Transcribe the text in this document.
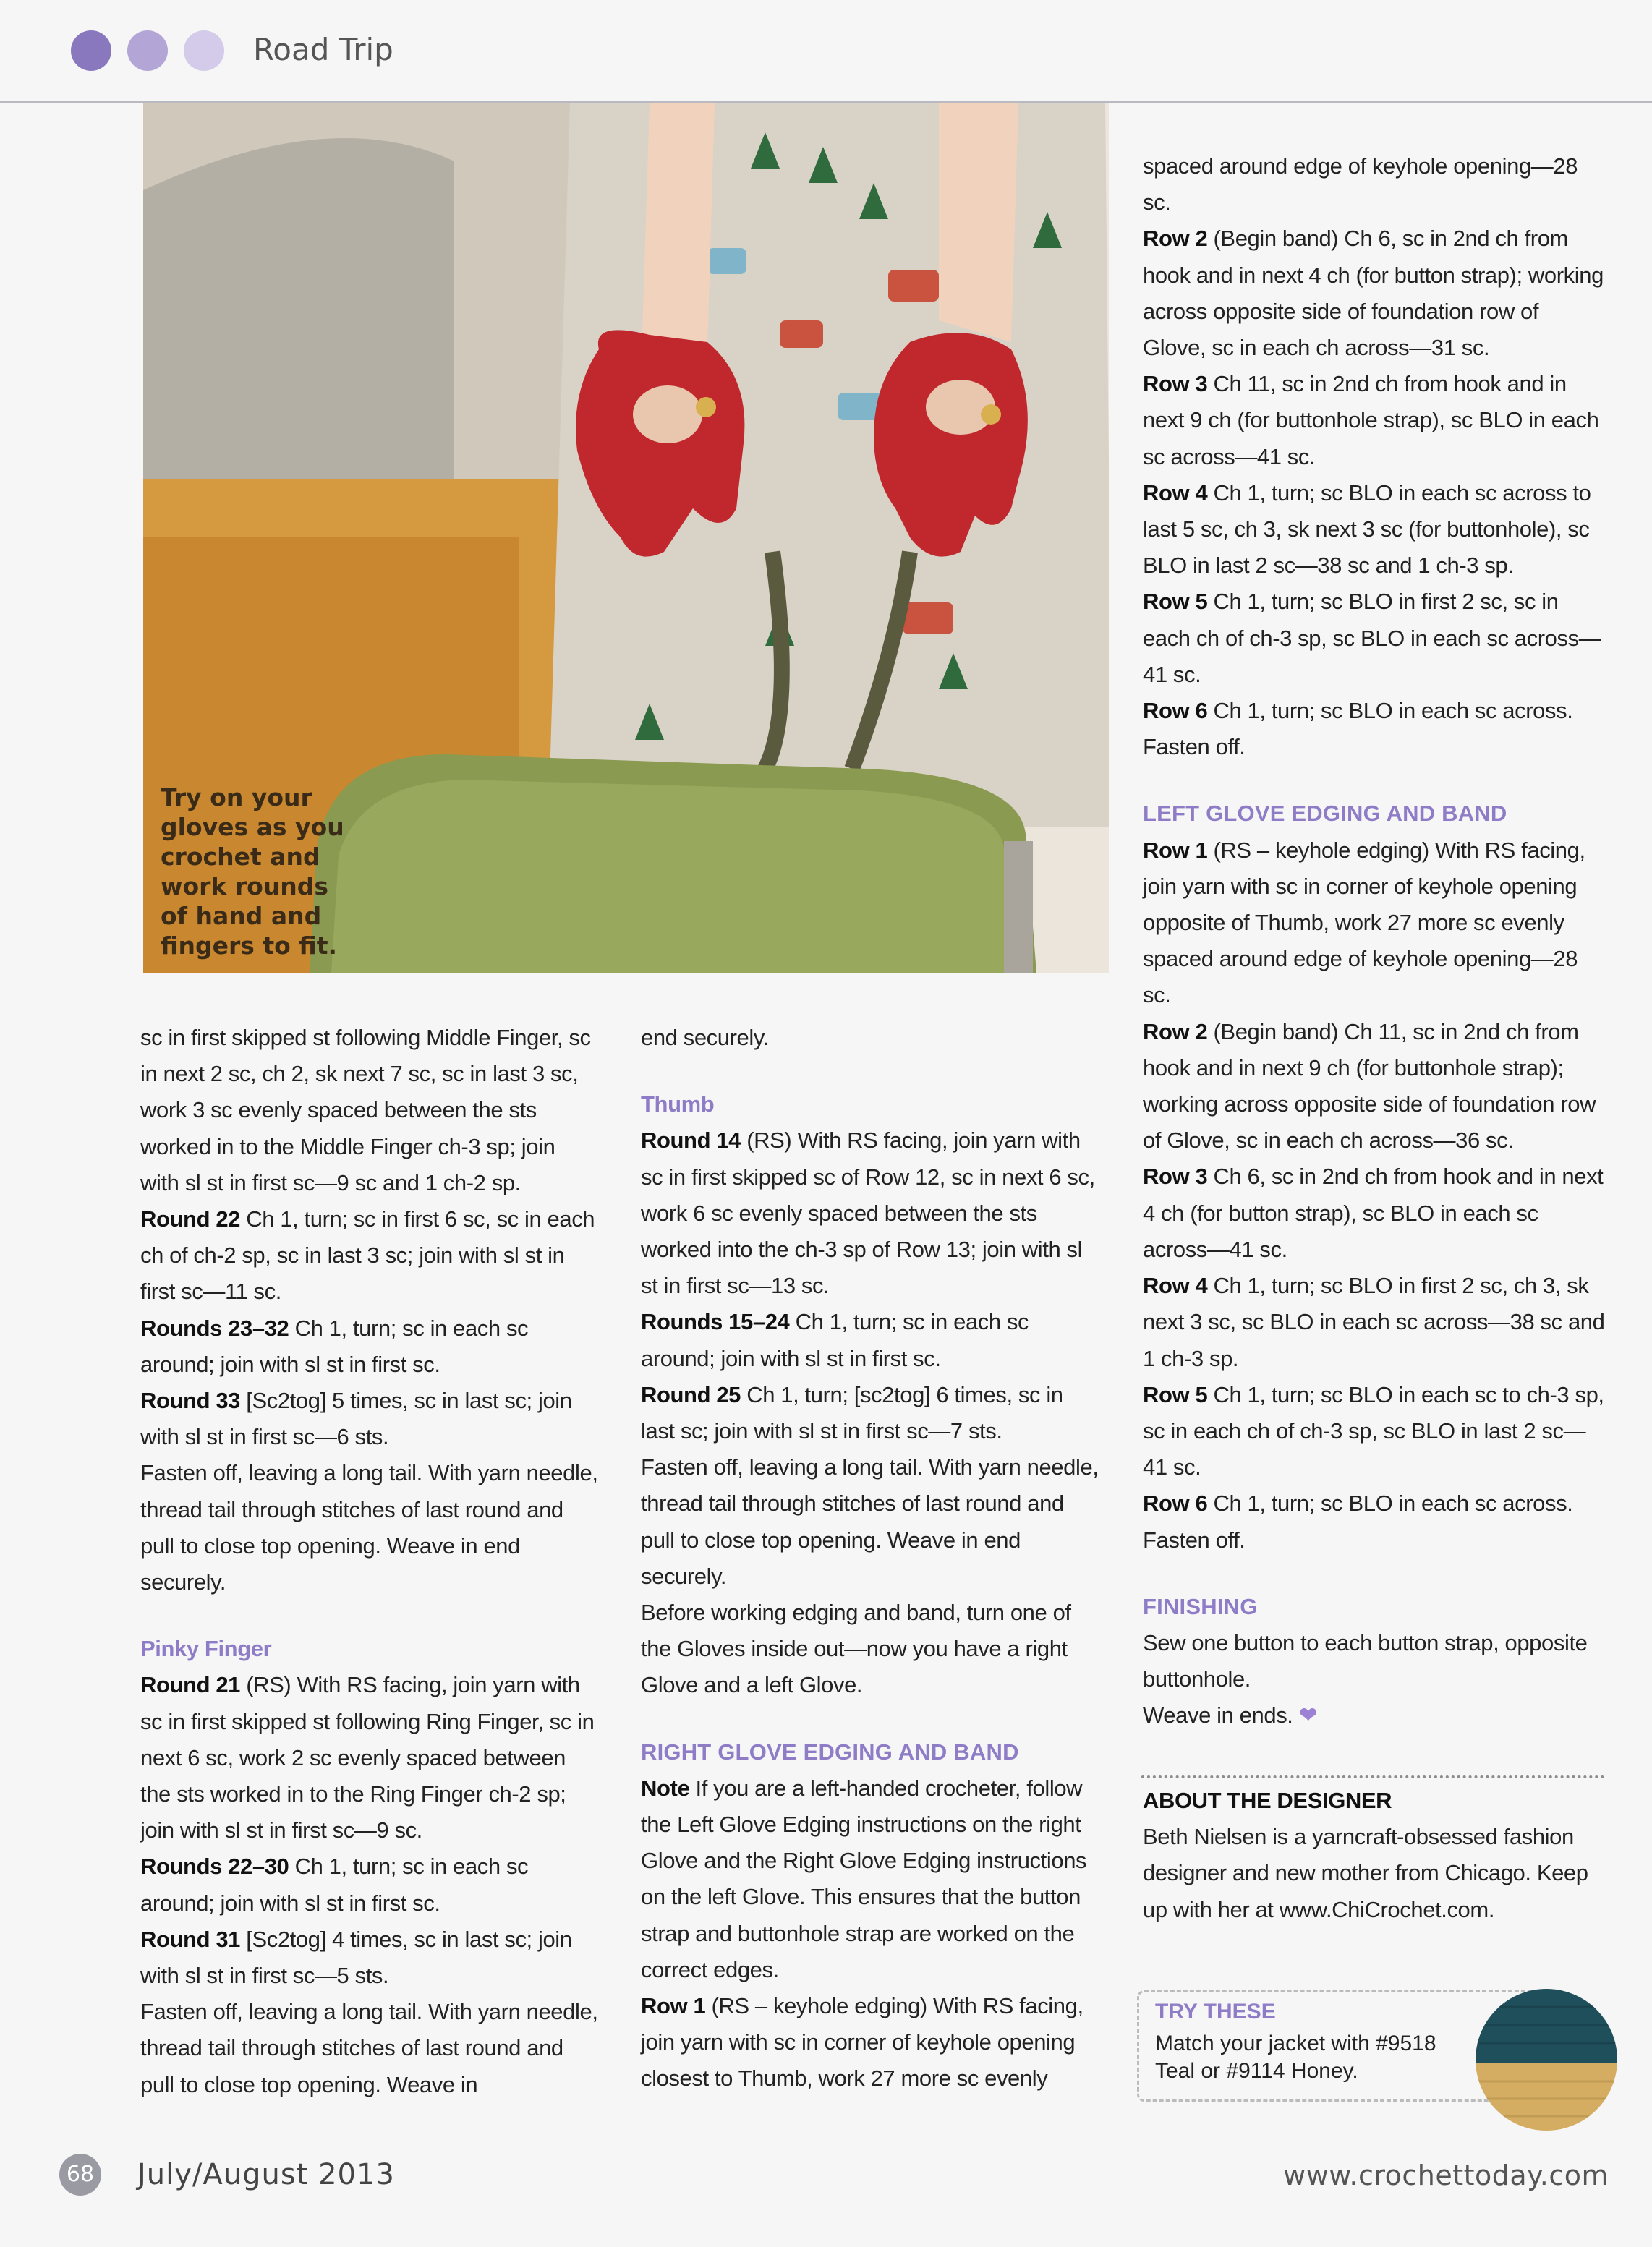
Road Trip
Try on your
gloves as you
crochet and
work rounds
of hand and
fingers to fit.

sc in first skipped st following Middle Finger, sc in next 2 sc, ch 2, sk next 7 sc, sc in last 3 sc, work 3 sc evenly spaced between the sts worked in to the Middle Finger ch-3 sp; join with sl st in first sc—9 sc and 1 ch-2 sp.

Round 22 Ch 1, turn; sc in first 6 sc, sc in each ch of ch-2 sp, sc in last 3 sc; join with sl st in first sc—11 sc.

Rounds 23–32 Ch 1, turn; sc in each sc around; join with sl st in first sc.

Round 33 [Sc2tog] 5 times, sc in last sc; join with sl st in first sc—6 sts.

Fasten off, leaving a long tail. With yarn needle, thread tail through stitches of last round and pull to close top opening. Weave in end securely.

Pinky Finger

Round 21 (RS) With RS facing, join yarn with sc in first skipped st following Ring Finger, sc in next 6 sc, work 2 sc evenly spaced between the sts worked in to the Ring Finger ch-2 sp; join with sl st in first sc—9 sc.

Rounds 22–30 Ch 1, turn; sc in each sc around; join with sl st in first sc.

Round 31 [Sc2tog] 4 times, sc in last sc; join with sl st in first sc—5 sts.

Fasten off, leaving a long tail. With yarn needle, thread tail through stitches of last round and pull to close top opening. Weave in

end securely.

Thumb

Round 14 (RS) With RS facing, join yarn with sc in first skipped sc of Row 12, sc in next 6 sc, work 6 sc evenly spaced between the sts worked into the ch-3 sp of Row 13; join with sl st in first sc—13 sc.

Rounds 15–24 Ch 1, turn; sc in each sc around; join with sl st in first sc.

Round 25 Ch 1, turn; [sc2tog] 6 times, sc in last sc; join with sl st in first sc—7 sts.

Fasten off, leaving a long tail. With yarn needle, thread tail through stitches of last round and pull to close top opening. Weave in end securely.

Before working edging and band, turn one of the Gloves inside out—now you have a right Glove and a left Glove.

RIGHT GLOVE EDGING AND BAND

Note If you are a left-handed crocheter, follow the Left Glove Edging instructions on the right Glove and the Right Glove Edging instructions on the left Glove. This ensures that the button strap and buttonhole strap are worked on the correct edges.

Row 1 (RS – keyhole edging) With RS facing, join yarn with sc in corner of keyhole opening closest to Thumb, work 27 more sc evenly

spaced around edge of keyhole opening—28 sc.

Row 2 (Begin band) Ch 6, sc in 2nd ch from hook and in next 4 ch (for button strap); working across opposite side of foundation row of Glove, sc in each ch across—31 sc.

Row 3 Ch 11, sc in 2nd ch from hook and in next 9 ch (for buttonhole strap), sc BLO in each sc across—41 sc.

Row 4 Ch 1, turn; sc BLO in each sc across to last 5 sc, ch 3, sk next 3 sc (for buttonhole), sc BLO in last 2 sc—38 sc and 1 ch-3 sp.

Row 5 Ch 1, turn; sc BLO in first 2 sc, sc in each ch of ch-3 sp, sc BLO in each sc across—41 sc.

Row 6 Ch 1, turn; sc BLO in each sc across. Fasten off.

LEFT GLOVE EDGING AND BAND

Row 1 (RS – keyhole edging) With RS facing, join yarn with sc in corner of keyhole opening opposite of Thumb, work 27 more sc evenly spaced around edge of keyhole opening—28 sc.

Row 2 (Begin band) Ch 11, sc in 2nd ch from hook and in next 9 ch (for buttonhole strap); working across opposite side of foundation row of Glove, sc in each ch across—36 sc.

Row 3 Ch 6, sc in 2nd ch from hook and in next 4 ch (for button strap), sc BLO in each sc across—41 sc.

Row 4 Ch 1, turn; sc BLO in first 2 sc, ch 3, sk next 3 sc, sc BLO in each sc across—38 sc and 1 ch-3 sp.

Row 5 Ch 1, turn; sc BLO in each sc to ch-3 sp, sc in each ch of ch-3 sp, sc BLO in last 2 sc—41 sc.

Row 6 Ch 1, turn; sc BLO in each sc across. Fasten off.

FINISHING

Sew one button to each button strap, opposite buttonhole.

Weave in ends. ❤

ABOUT THE DESIGNER

Beth Nielsen is a yarncraft-obsessed fashion designer and new mother from Chicago. Keep up with her at www.ChiCrochet.com.

TRY THESE
Match your jacket with #9518
Teal or #9114 Honey.
68 July/August 2013	www.crochettoday.com
